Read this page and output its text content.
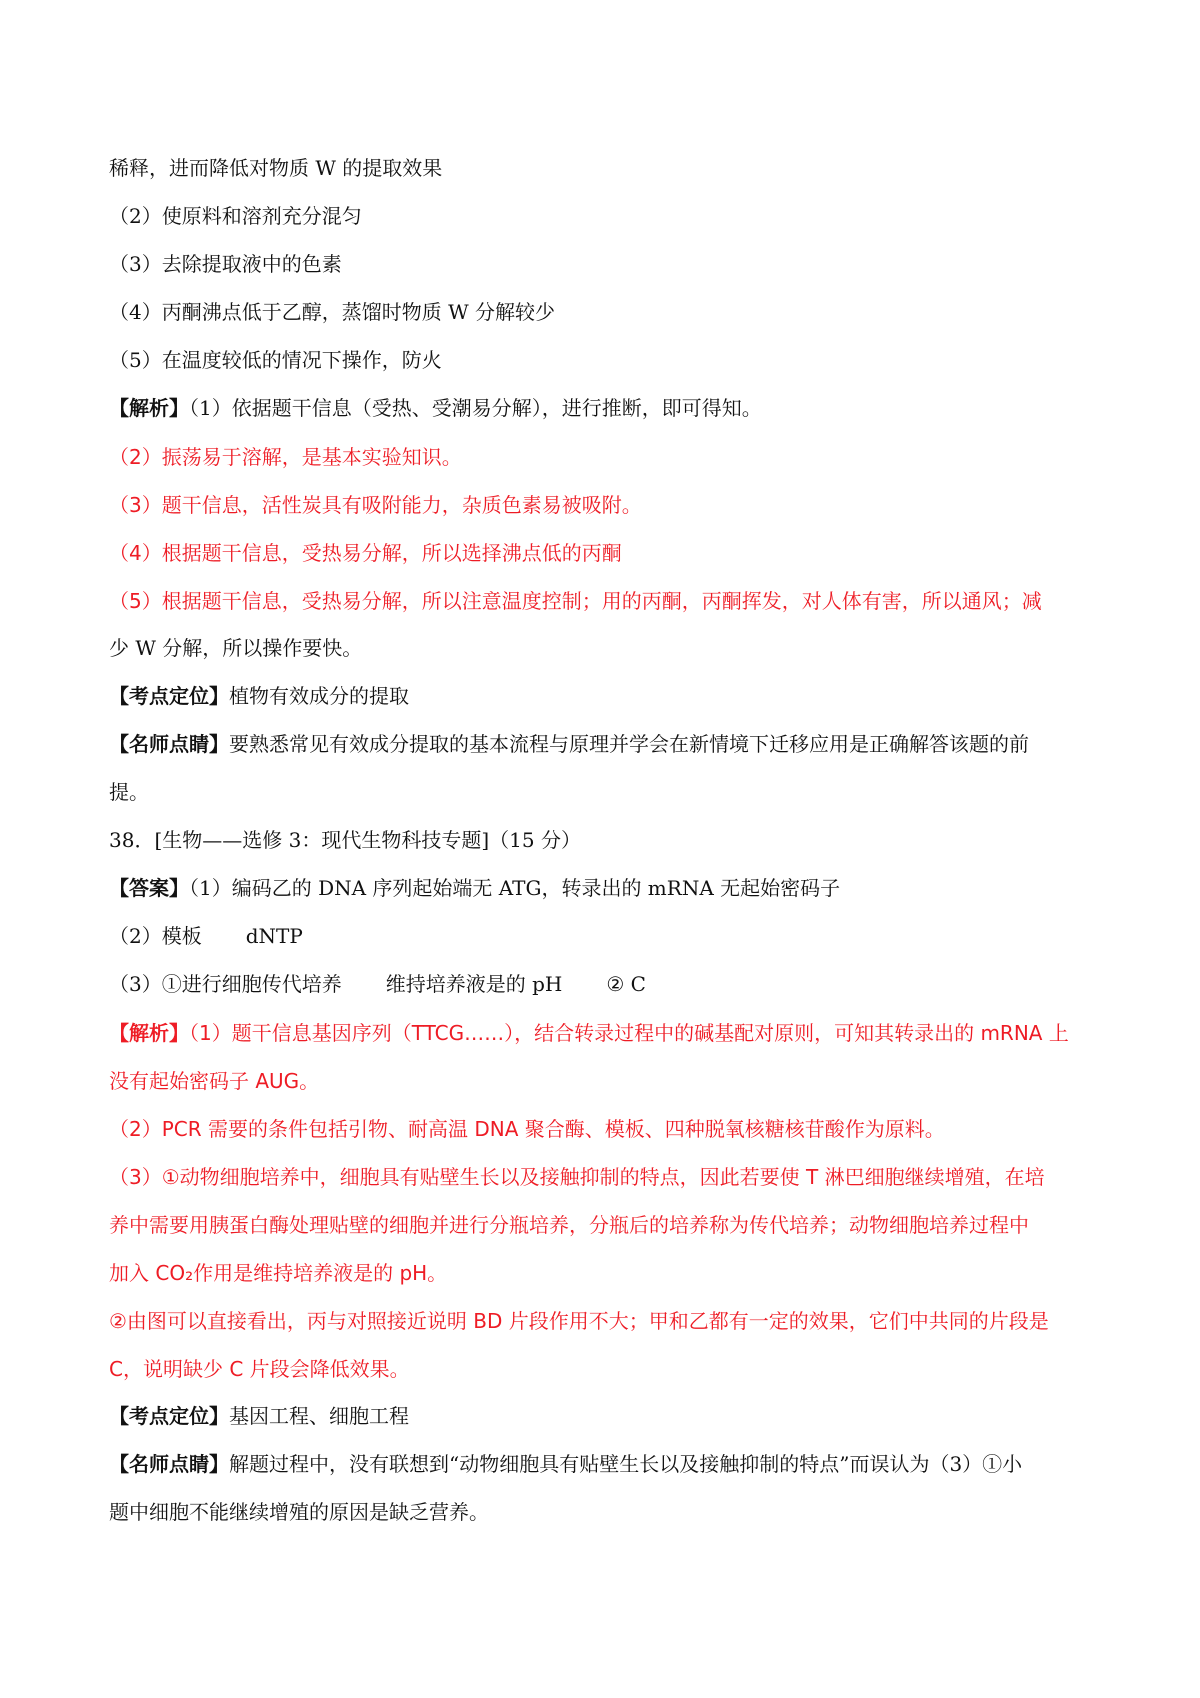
稀释，进而降低对物质 W 的提取效果
（2）使原料和溶剂充分混匀
（3）去除提取液中的色素
（4）丙酮沸点低于乙醇，蒸馏时物质 W 分解较少
（5）在温度较低的情况下操作，防火
【解析】（1）依据题干信息（受热、受潮易分解），进行推断，即可得知。
（2）振荡易于溶解，是基本实验知识。
（3）题干信息，活性炭具有吸附能力，杂质色素易被吸附。
（4）根据题干信息，受热易分解，所以选择沸点低的丙酮
（5）根据题干信息，受热易分解，所以注意温度控制；用的丙酮，丙酮挥发，对人体有害，所以通风；减
少 W 分解，所以操作要快。
【考点定位】植物有效成分的提取
【名师点睛】要熟悉常见有效成分提取的基本流程与原理并学会在新情境下迁移应用是正确解答该题的前
提。
38．[生物——选修 3：现代生物科技专题]（15 分）
【答案】（1）编码乙的 DNA 序列起始端无 ATG，转录出的 mRNA 无起始密码子
（2）模板 dNTP
（3）①进行细胞传代培养 维持培养液是的 pH ② C
【解析】（1）题干信息基因序列（TTCG……），结合转录过程中的碱基配对原则，可知其转录出的 mRNA 上
没有起始密码子 AUG。
（2）PCR 需要的条件包括引物、耐高温 DNA 聚合酶、模板、四种脱氧核糖核苷酸作为原料。
（3）①动物细胞培养中，细胞具有贴壁生长以及接触抑制的特点，因此若要使 T 淋巴细胞继续增殖，在培
养中需要用胰蛋白酶处理贴壁的细胞并进行分瓶培养，分瓶后的培养称为传代培养；动物细胞培养过程中
加入 CO₂作用是维持培养液是的 pH。
②由图可以直接看出，丙与对照接近说明 BD 片段作用不大；甲和乙都有一定的效果，它们中共同的片段是
C，说明缺少 C 片段会降低效果。
【考点定位】基因工程、细胞工程
【名师点睛】解题过程中，没有联想到“动物细胞具有贴壁生长以及接触抑制的特点”而误认为（3）①小
题中细胞不能继续增殖的原因是缺乏营养。
